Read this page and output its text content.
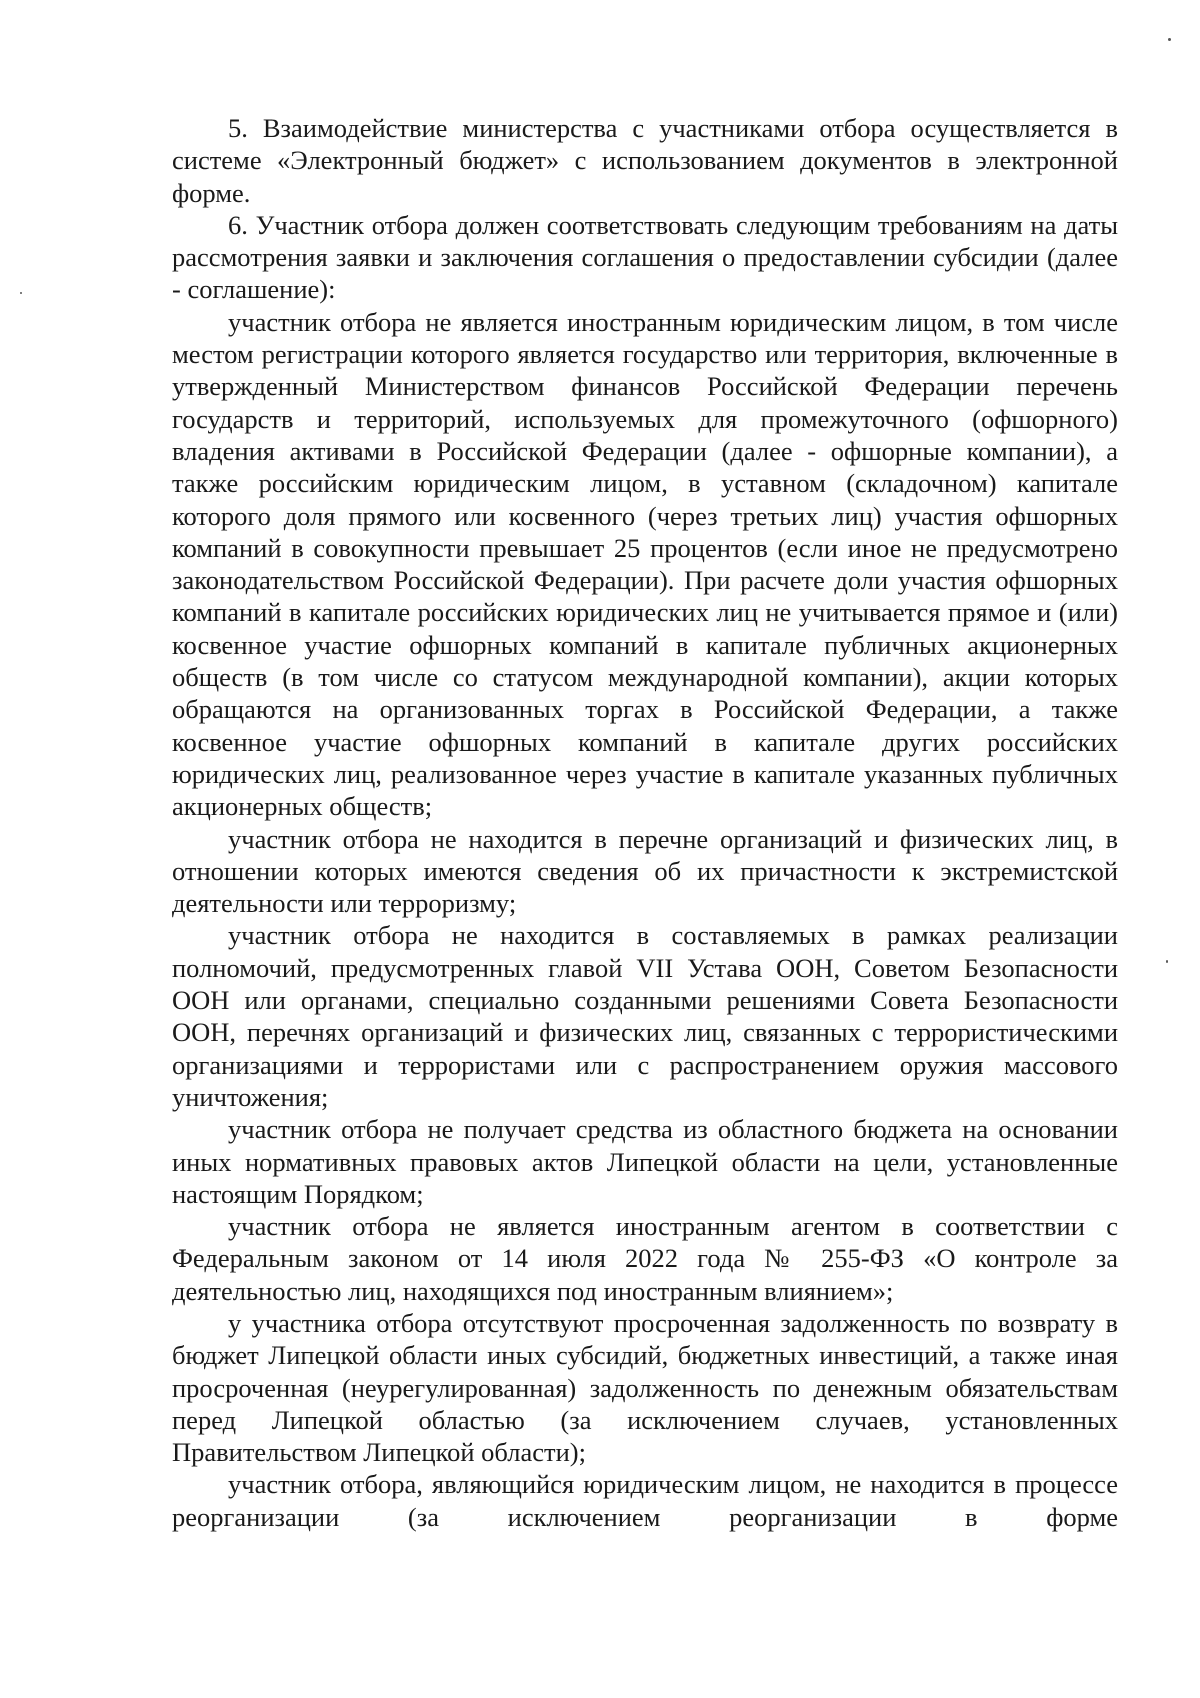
5. Взаимодействие министерства с участниками отбора осуществляется в системе «Электронный бюджет» с использованием документов в электронной форме.

6. Участник отбора должен соответствовать следующим требованиям на даты рассмотрения заявки и заключения соглашения о предоставлении субсидии (далее - соглашение):

участник отбора не является иностранным юридическим лицом, в том числе местом регистрации которого является государство или территория, включенные в утвержденный Министерством финансов Российской Федерации перечень государств и территорий, используемых для промежуточного (офшорного) владения активами в Российской Федерации (далее - офшорные компании), а также российским юридическим лицом, в уставном (складочном) капитале которого доля прямого или косвенного (через третьих лиц) участия офшорных компаний в совокупности превышает 25 процентов (если иное не предусмотрено законодательством Российской Федерации). При расчете доли участия офшорных компаний в капитале российских юридических лиц не учитывается прямое и (или) косвенное участие офшорных компаний в капитале публичных акционерных обществ (в том числе со статусом международной компании), акции которых обращаются на организованных торгах в Российской Федерации, а также косвенное участие офшорных компаний в капитале других российских юридических лиц, реализованное через участие в капитале указанных публичных акционерных обществ;

участник отбора не находится в перечне организаций и физических лиц, в отношении которых имеются сведения об их причастности к экстремистской деятельности или терроризму;

участник отбора не находится в составляемых в рамках реализации полномочий, предусмотренных главой VII Устава ООН, Советом Безопасности ООН или органами, специально созданными решениями Совета Безопасности ООН, перечнях организаций и физических лиц, связанных с террористическими организациями и террористами или с распространением оружия массового уничтожения;

участник отбора не получает средства из областного бюджета на основании иных нормативных правовых актов Липецкой области на цели, установленные настоящим Порядком;

участник отбора не является иностранным агентом в соответствии с Федеральным законом от 14 июля 2022 года № 255-ФЗ «О контроле за деятельностью лиц, находящихся под иностранным влиянием»;

у участника отбора отсутствуют просроченная задолженность по возврату в бюджет Липецкой области иных субсидий, бюджетных инвестиций, а также иная просроченная (неурегулированная) задолженность по денежным обязательствам перед Липецкой областью (за исключением случаев, установленных Правительством Липецкой области);

участник отбора, являющийся юридическим лицом, не находится в процессе реорганизации (за исключением реорганизации в форме
